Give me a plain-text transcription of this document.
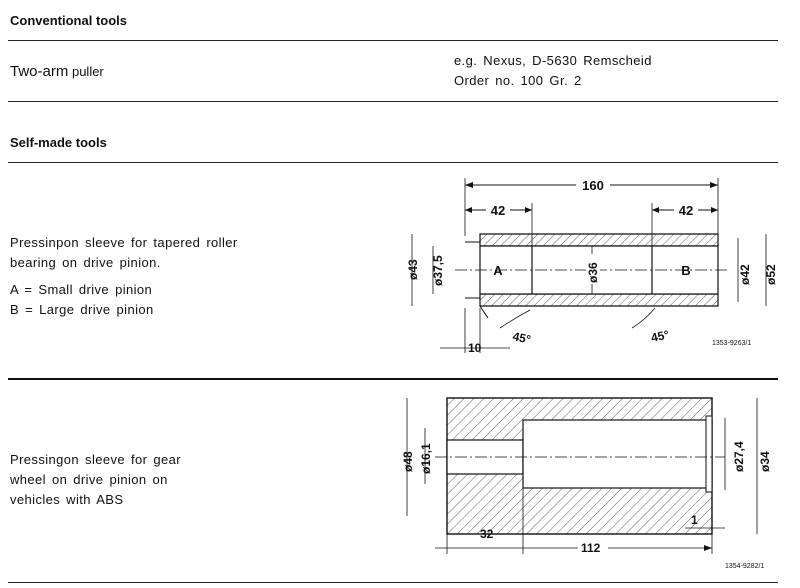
Conventional tools
Two-arm puller
e.g. Nexus, D-5630 Remscheid
Order no. 100 Gr. 2
Self-made tools
Pressinpon sleeve for tapered roller
bearing on drive pinion.
A = Small drive pinion
B = Large drive pinion
160
42	42
A	B
ø43 ø37,5	ø36	ø42 ø52
45°	45°
10	1353-9263/1
Pressingon sleeve for gear
wheel on drive pinion on
vehicles with ABS
ø48 ø16,1	ø27,4 ø34
32
112
1
1354-9282/1
